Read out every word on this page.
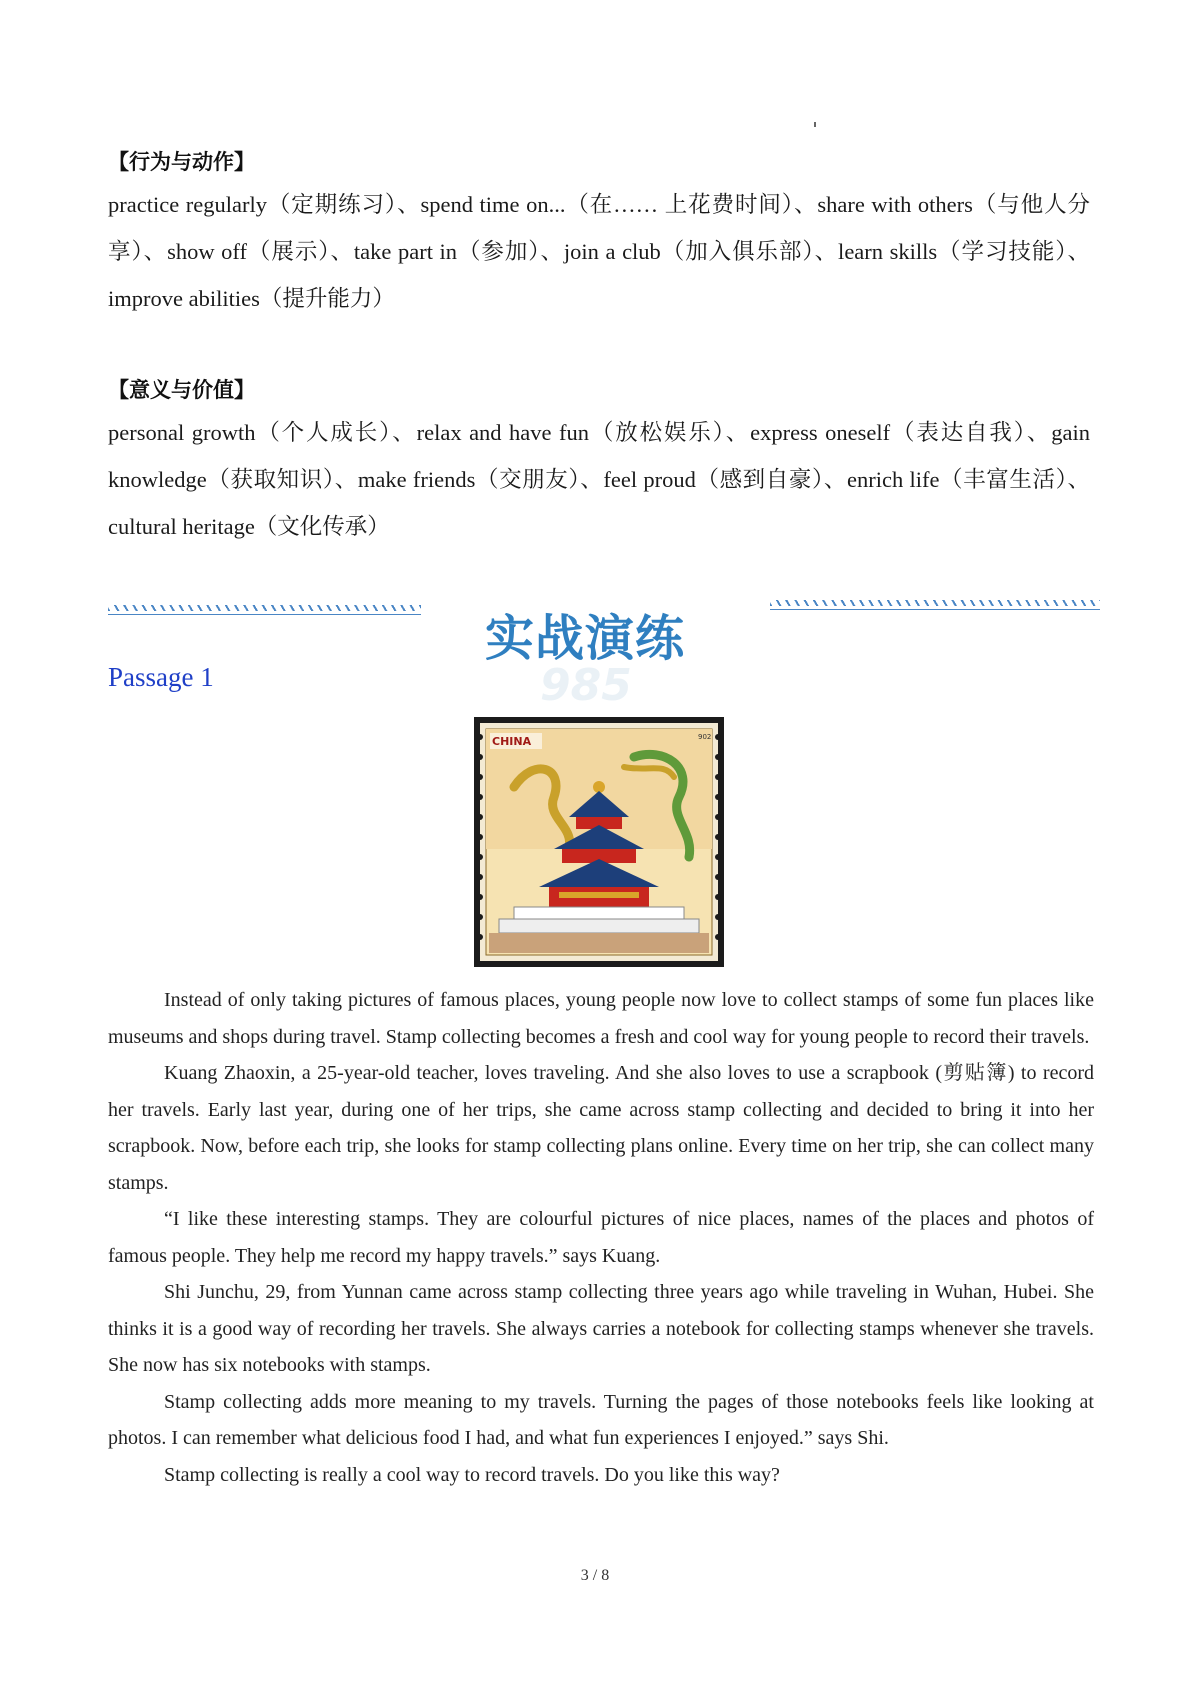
【行为与动作】
practice regularly（定期练习）、spend time on...（在…… 上花费时间）、share with others（与他人分享）、show off（展示）、take part in（参加）、join a club（加入俱乐部）、learn skills（学习技能）、improve abilities（提升能力）
【意义与价值】
personal growth（个人成长）、relax and have fun（放松娱乐）、express oneself（表达自我）、gain knowledge（获取知识）、make friends（交朋友）、feel proud（感到自豪）、enrich life（丰富生活）、cultural heritage（文化传承）
985
实战演练
Passage 1
CHINA	902

Instead of only taking pictures of famous places, young people now love to collect stamps of some fun places like museums and shops during travel. Stamp collecting becomes a fresh and cool way for young people to record their travels.

Kuang Zhaoxin, a 25-year-old teacher, loves traveling. And she also loves to use a scrapbook (剪贴簿) to record her travels. Early last year, during one of her trips, she came across stamp collecting and decided to bring it into her scrapbook. Now, before each trip, she looks for stamp collecting plans online. Every time on her trip, she can collect many stamps.

“I like these interesting stamps. They are colourful pictures of nice places, names of the places and photos of famous people. They help me record my happy travels.” says Kuang.

Shi Junchu, 29, from Yunnan came across stamp collecting three years ago while traveling in Wuhan, Hubei. She thinks it is a good way of recording her travels. She always carries a notebook for collecting stamps whenever she travels. She now has six notebooks with stamps.

Stamp collecting adds more meaning to my travels. Turning the pages of those notebooks feels like looking at photos. I can remember what delicious food I had, and what fun experiences I enjoyed.” says Shi.

Stamp collecting is really a cool way to record travels. Do you like this way?

3 / 8
